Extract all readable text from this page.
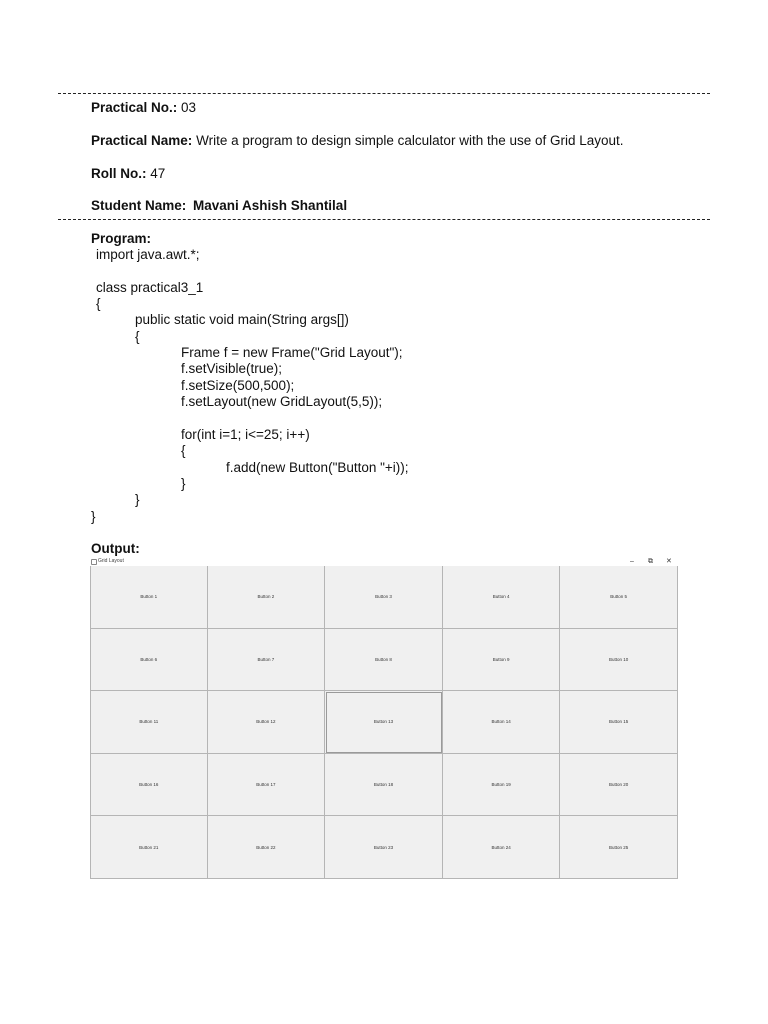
Practical No.: 03
Practical Name: Write a program to design simple calculator with the use of Grid Layout.
Roll No.: 47
Student Name: Mavani Ashish Shantilal
Program:
import java.awt.*;
class practical3_1
{
public static void main(String args[])
{
Frame f = new Frame("Grid Layout");
f.setVisible(true);
f.setSize(500,500);
f.setLayout(new GridLayout(5,5));
for(int i=1; i<=25; i++)
{
f.add(new Button("Button "+i));
}
}
}
Output:
Grid Layout	– ⧉ ✕
Button 1	Button 2	Button 3	Button 4	Button 5
Button 6	Button 7	Button 8	Button 9	Button 10
Button 11	Button 12	Button 13	Button 14	Button 15
Button 16	Button 17	Button 18	Button 19	Button 20
Button 21	Button 22	Button 23	Button 24	Button 25
